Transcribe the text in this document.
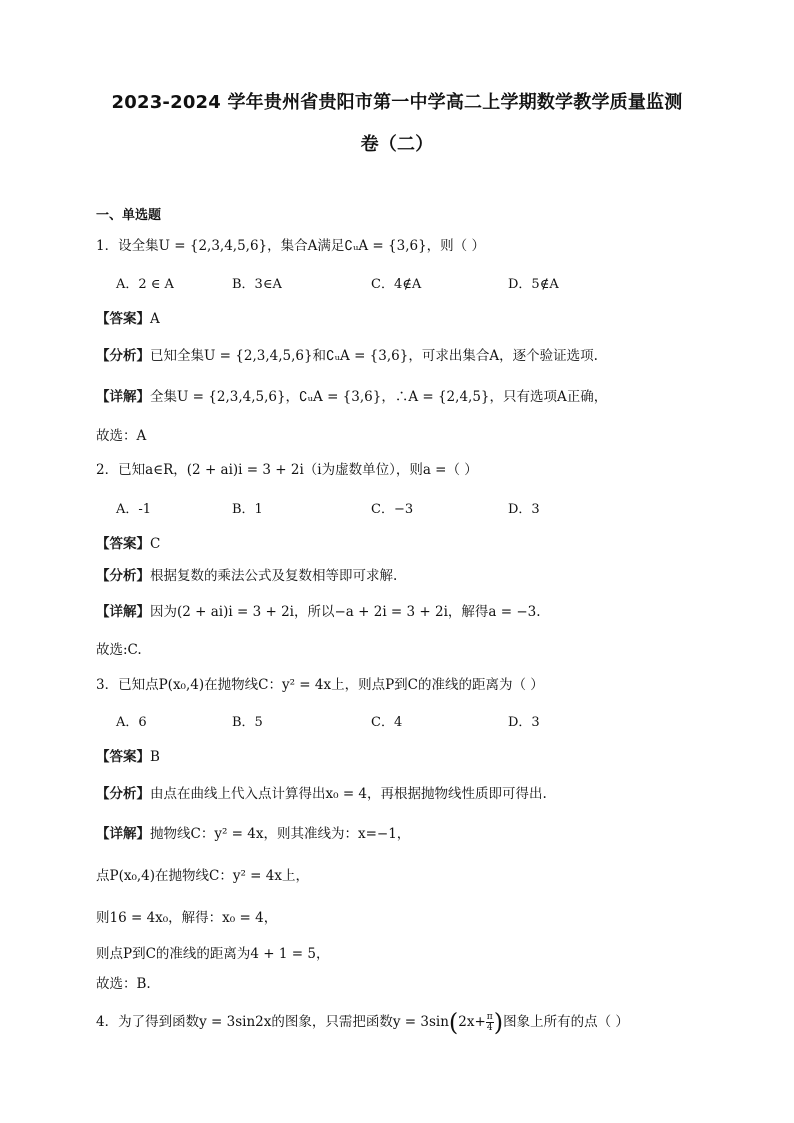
2023-2024 学年贵州省贵阳市第一中学高二上学期数学教学质量监测
卷（二）
一、单选题
1．设全集U = {2,3,4,5,6}，集合A满足∁ᵤA = {3,6}，则（ ）
A．2 ∈ A	B．3∈A	C．4∉A	D．5∉A
【答案】A
【分析】已知全集U = {2,3,4,5,6}和∁ᵤA = {3,6}，可求出集合A，逐个验证选项.
【详解】全集U = {2,3,4,5,6}，∁ᵤA = {3,6}，∴A = {2,4,5}，只有选项A正确，
故选：A
2．已知a∈R，(2 + ai)i = 3 + 2i（i为虚数单位），则a =（ ）
A．-1	B．1	C．−3	D．3
【答案】C
【分析】根据复数的乘法公式及复数相等即可求解.
【详解】因为(2 + ai)i = 3 + 2i，所以−a + 2i = 3 + 2i，解得a = −3.
故选:C.
3．已知点P(x₀,4)在抛物线C：y² = 4x上，则点P到C的准线的距离为（ ）
A．6	B．5	C．4	D．3
【答案】B
【分析】由点在曲线上代入点计算得出x₀ = 4，再根据抛物线性质即可得出.
【详解】抛物线C：y² = 4x，则其准线为：x=−1，
点P(x₀,4)在抛物线C：y² = 4x上，
则16 = 4x₀，解得：x₀ = 4，
则点P到C的准线的距离为4 + 1 = 5，
故选：B.
4．为了得到函数y = 3sin2x的图象，只需把函数$y = 3\sin(2x+ \frac{\pi}{4}$ )图象上所有的点（ ）
